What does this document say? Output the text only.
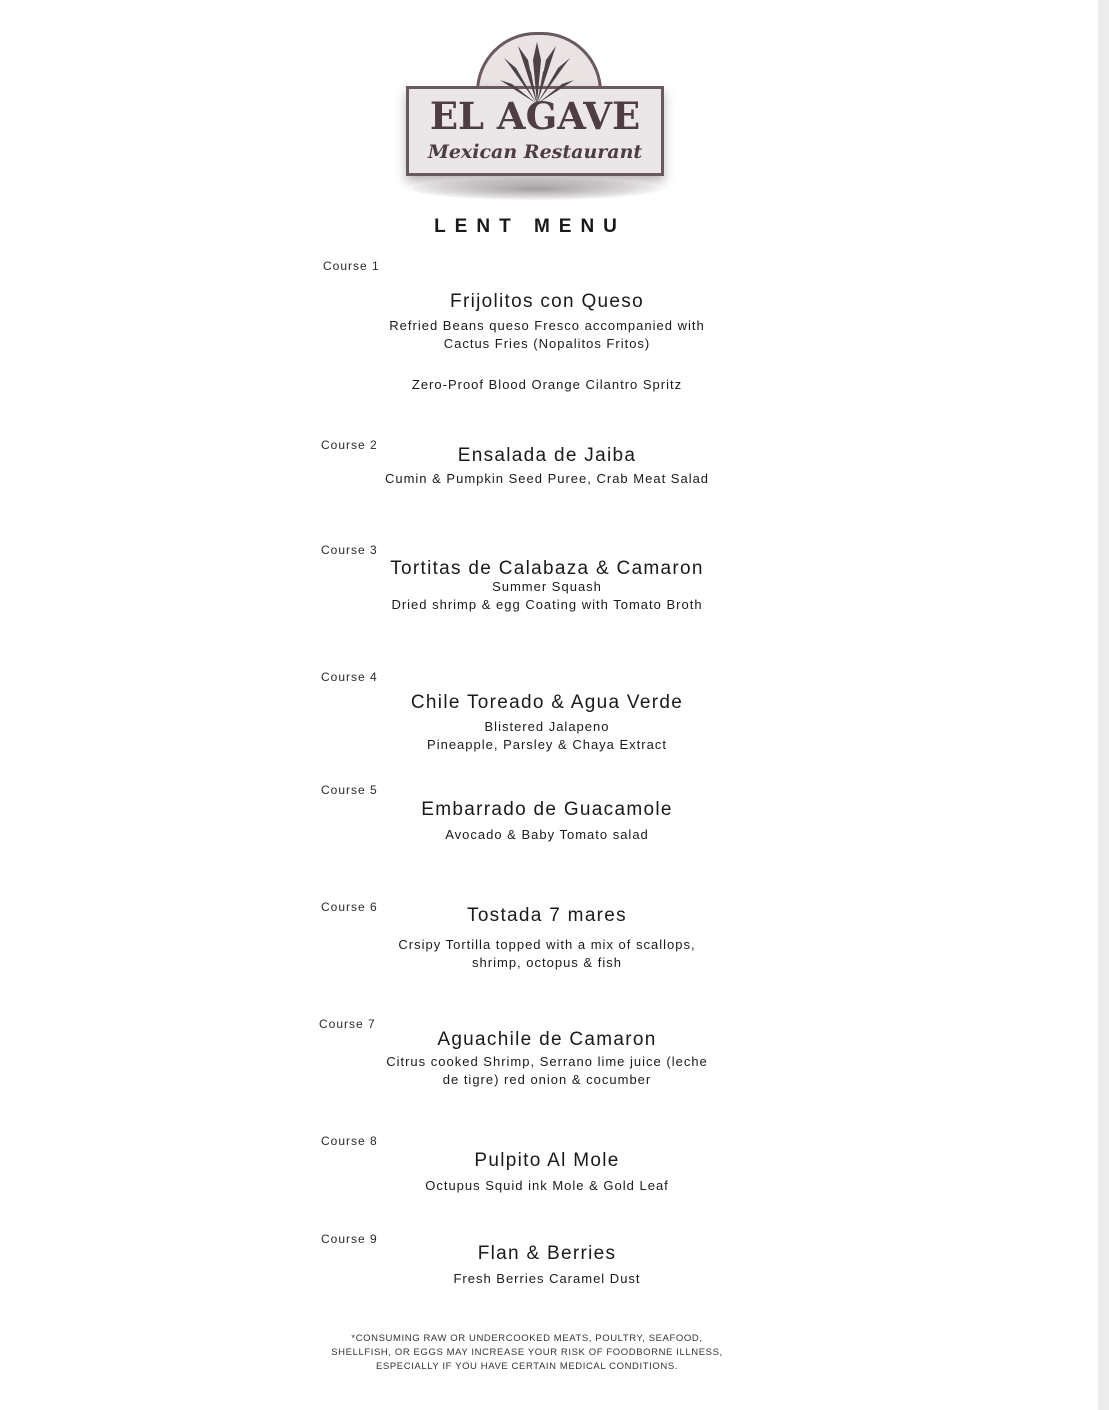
EL AGAVE
Mexican Restaurant
LENT MENU
Course 1
Frijolitos con Queso
Refried Beans queso Fresco accompanied with
Cactus Fries (Nopalitos Fritos)
Zero-Proof Blood Orange Cilantro Spritz
Course 2	Ensalada de Jaiba
Cumin & Pumpkin Seed Puree, Crab Meat Salad
Course 3
Tortitas de Calabaza & Camaron
Summer Squash
Dried shrimp & egg Coating with Tomato Broth
Course 4
Chile Toreado & Agua Verde
Blistered Jalapeno
Pineapple, Parsley & Chaya Extract
Course 5
Embarrado de Guacamole
Avocado & Baby Tomato salad
Course 6	Tostada 7 mares
Crsipy Tortilla topped with a mix of scallops,
shrimp, octopus & fish
Course 7
Aguachile de Camaron
Citrus cooked Shrimp, Serrano lime juice (leche
de tigre) red onion & cocumber
Course 8
Pulpito Al Mole
Octupus Squid ink Mole & Gold Leaf
Course 9
Flan & Berries
Fresh Berries Caramel Dust
*CONSUMING RAW OR UNDERCOOKED MEATS, POULTRY, SEAFOOD,
SHELLFISH, OR EGGS MAY INCREASE YOUR RISK OF FOODBORNE ILLNESS,
ESPECIALLY IF YOU HAVE CERTAIN MEDICAL CONDITIONS.
